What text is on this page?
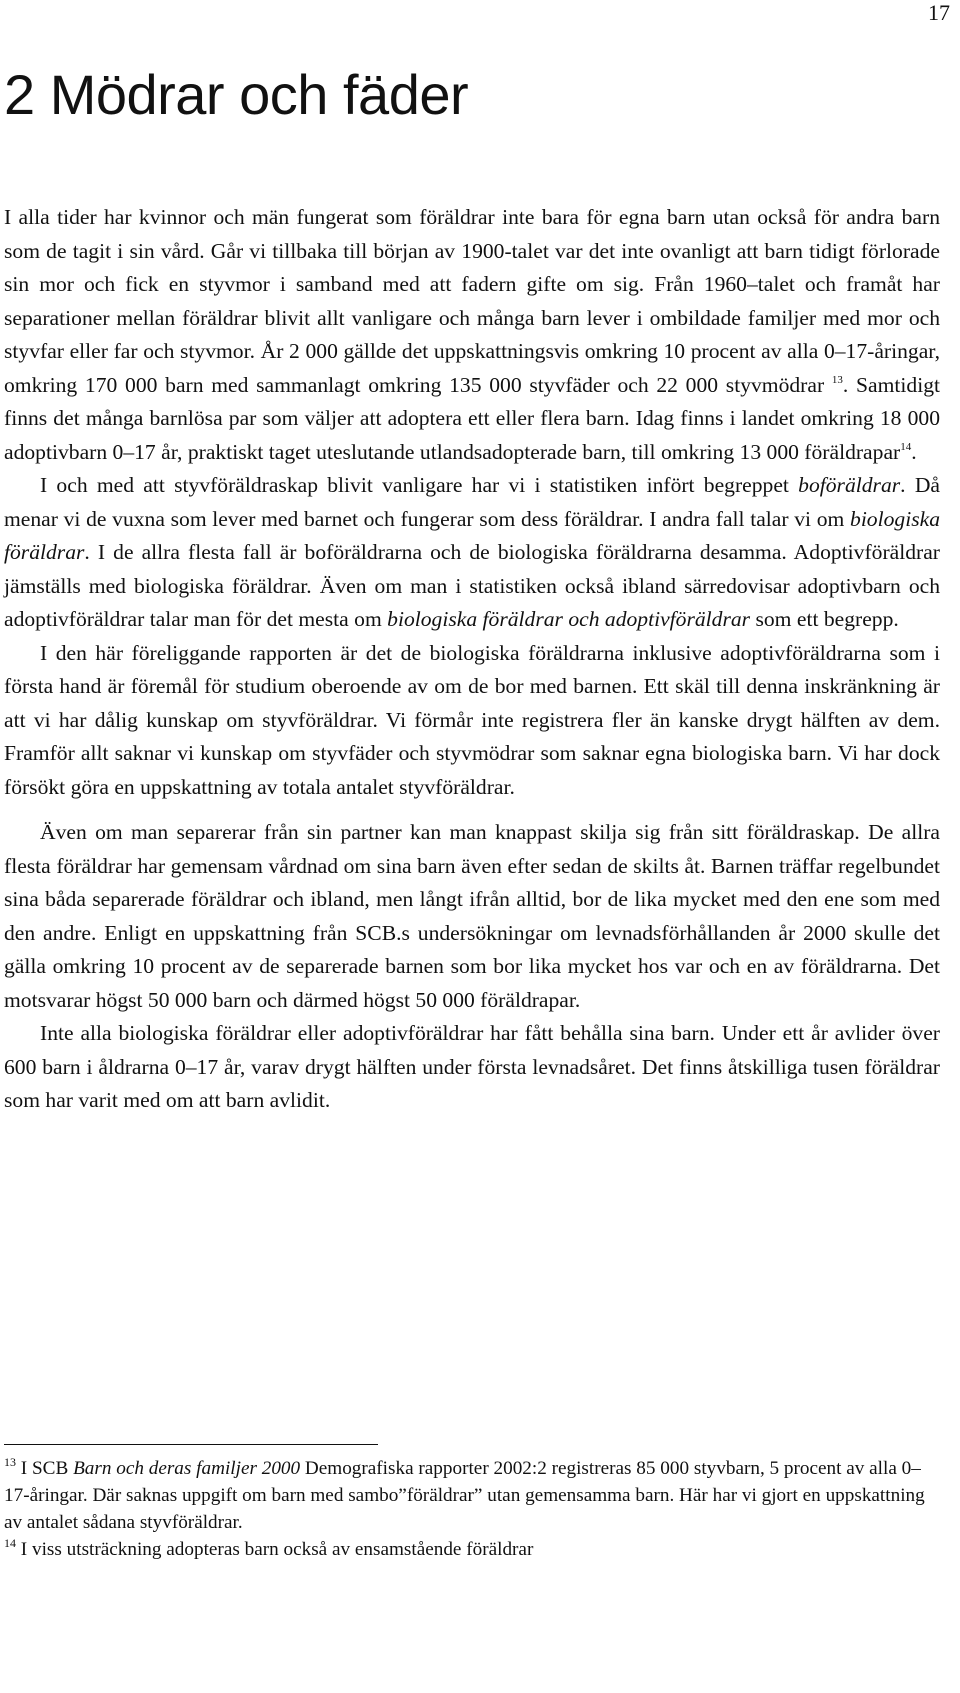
17
2 Mödrar och fäder

I alla tider har kvinnor och män fungerat som föräldrar inte bara för egna barn utan också för andra barn som de tagit i sin vård. Går vi tillbaka till början av 1900-talet var det inte ovanligt att barn tidigt förlorade sin mor och fick en styvmor i samband med att fadern gifte om sig. Från 1960–talet och framåt har separationer mellan föräldrar blivit allt vanligare och många barn lever i ombildade familjer med mor och styvfar eller far och styvmor. År 2 000 gällde det uppskattningsvis omkring 10 procent av alla 0–17-åringar, omkring 170 000 barn med sammanlagt omkring 135 000 styvfäder och 22 000 styvmödrar $^{13}$. Samtidigt finns det många barnlösa par som väljer att adoptera ett eller flera barn. Idag finns i landet omkring 18 000 adoptivbarn 0–17 år, praktiskt taget uteslutande utlandsadopterade barn, till omkring 13 000 föräldrapar$^{14}$.

I och med att styvföräldraskap blivit vanligare har vi i statistiken infört begreppet boföräldrar. Då menar vi de vuxna som lever med barnet och fungerar som dess föräldrar. I andra fall talar vi om biologiska föräldrar. I de allra flesta fall är boföräldrarna och de biologiska föräldrarna desamma. Adoptivföräldrar jämställs med biologiska föräldrar. Även om man i statistiken också ibland särredovisar adoptivbarn och adoptivföräldrar talar man för det mesta om biologiska föräldrar och adoptivföräldrar som ett begrepp.

I den här föreliggande rapporten är det de biologiska föräldrarna inklusive adoptivföräldrarna som i första hand är föremål för studium oberoende av om de bor med barnen. Ett skäl till denna inskränkning är att vi har dålig kunskap om styvföräldrar. Vi förmår inte registrera fler än kanske drygt hälften av dem. Framför allt saknar vi kunskap om styvfäder och styvmödrar som saknar egna biologiska barn. Vi har dock försökt göra en uppskattning av totala antalet styvföräldrar.

Även om man separerar från sin partner kan man knappast skilja sig från sitt föräldraskap. De allra flesta föräldrar har gemensam vårdnad om sina barn även efter sedan de skilts åt. Barnen träffar regelbundet sina båda separerade föräldrar och ibland, men långt ifrån alltid, bor de lika mycket med den ene som med den andre. Enligt en uppskattning från SCB.s undersökningar om levnadsförhållanden år 2000 skulle det gälla omkring 10 procent av de separerade barnen som bor lika mycket hos var och en av föräldrarna. Det motsvarar högst 50 000 barn och därmed högst 50 000 föräldrapar.

Inte alla biologiska föräldrar eller adoptivföräldrar har fått behålla sina barn. Under ett år avlider över 600 barn i åldrarna 0–17 år, varav drygt hälften under första levnadsåret. Det finns åtskilliga tusen föräldrar som har varit med om att barn avlidit.

$^{13}$ I SCB Barn och deras familjer 2000 Demografiska rapporter 2002:2 registreras 85 000 styvbarn, 5 procent av alla 0–17-åringar. Där saknas uppgift om barn med sambo”föräldrar” utan gemensamma barn. Här har vi gjort en uppskattning av antalet sådana styvföräldrar.

$^{14}$ I viss utsträckning adopteras barn också av ensamstående föräldrar
